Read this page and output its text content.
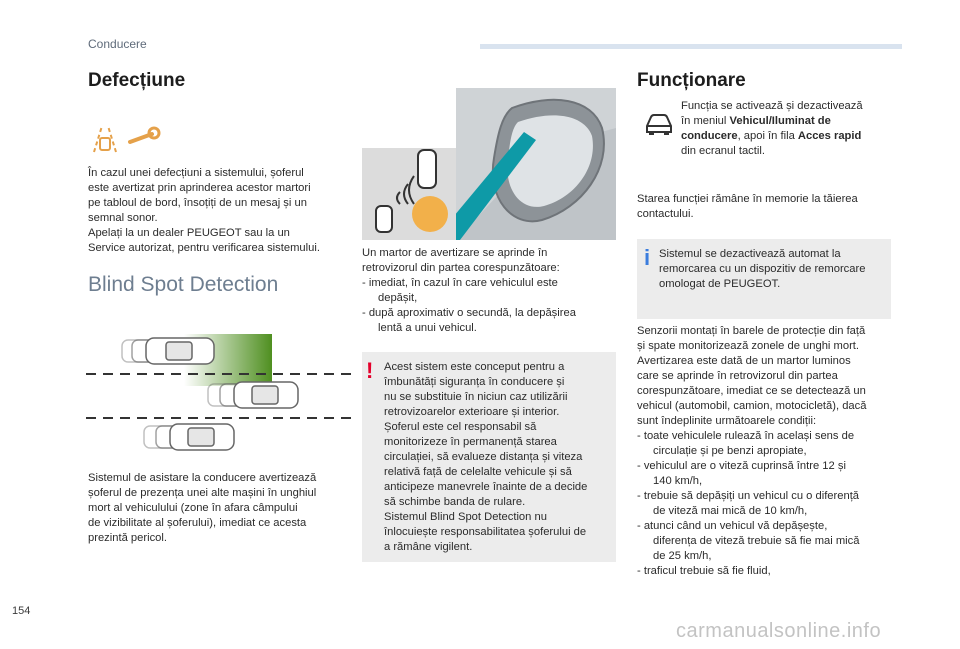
Conducere
Defecțiune
În cazul unei defecțiuni a sistemului, șoferul
este avertizat prin aprinderea acestor martori
pe tabloul de bord, însoțiți de un mesaj și un
semnal sonor.
Apelați la un dealer PEUGEOT sau la un
Service autorizat, pentru verificarea sistemului.
Blind Spot Detection
Sistemul de asistare la conducere avertizează
șoferul de prezența unei alte mașini în unghiul
mort al vehiculului (zone în afara câmpului
de vizibilitate al șoferului), imediat ce acesta
prezintă pericol.
Un martor de avertizare se aprinde în
retrovizorul din partea corespunzătoare:
- imediat, în cazul în care vehiculul este
depășit,
- după aproximativ o secundă, la depășirea
lentă a unui vehicul.
! Acest sistem este conceput pentru a
îmbunătăți siguranța în conducere și
nu se substituie în niciun caz utilizării
retrovizoarelor exterioare și interior.
Șoferul este cel responsabil să
monitorizeze în permanență starea
circulației, să evalueze distanța și viteza
relativă față de celelalte vehicule și să
anticipeze manevrele înainte de a decide
să schimbe banda de rulare.
Sistemul Blind Spot Detection nu
înlocuiește responsabilitatea șoferului de
a rămâne vigilent.
Funcționare
Funcția se activează și dezactivează
în meniul Vehicul/Iluminat de
conducere, apoi în fila Acces rapid
din ecranul tactil.
Starea funcției rămâne în memorie la tăierea
contactului.
i Sistemul se dezactivează automat la
remorcarea cu un dispozitiv de remorcare
omologat de PEUGEOT.
Senzorii montați în barele de protecție din față
și spate monitorizează zonele de unghi mort.
Avertizarea este dată de un martor luminos
care se aprinde în retrovizorul din partea
corespunzătoare, imediat ce se detectează un
vehicul (automobil, camion, motocicletă), dacă
sunt îndeplinite următoarele condiții:
- toate vehiculele rulează în același sens de
circulație și pe benzi apropiate,
- vehiculul are o viteză cuprinsă între 12 și
140 km/h,
- trebuie să depășiți un vehicul cu o diferență
de viteză mai mică de 10 km/h,
- atunci când un vehicul vă depășește,
diferența de viteză trebuie să fie mai mică
de 25 km/h,
- traficul trebuie să fie fluid,
154
carmanualsonline.info
